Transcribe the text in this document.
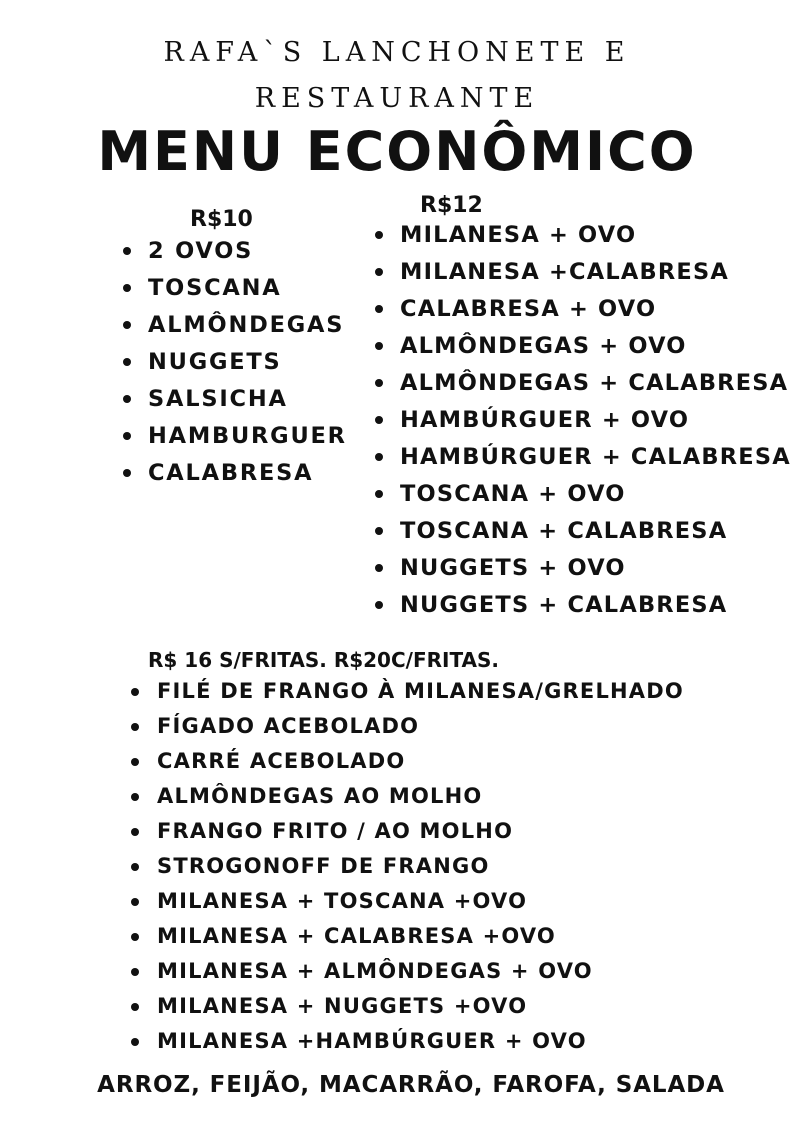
RAFA`S LANCHONETE E
RESTAURANTE
MENU ECONÔMICO
R$10
2 OVOS
TOSCANA
ALMÔNDEGAS
NUGGETS
SALSICHA
HAMBURGUER
CALABRESA
R$12
MILANESA + OVO
MILANESA +CALABRESA
CALABRESA + OVO
ALMÔNDEGAS + OVO
ALMÔNDEGAS + CALABRESA
HAMBÚRGUER + OVO
HAMBÚRGUER + CALABRESA
TOSCANA + OVO
TOSCANA + CALABRESA
NUGGETS + OVO
NUGGETS + CALABRESA
R$ 16 S/FRITAS. R$20C/FRITAS.
FILÉ DE FRANGO À MILANESA/GRELHADO
FÍGADO ACEBOLADO
CARRÉ ACEBOLADO
ALMÔNDEGAS AO MOLHO
FRANGO FRITO / AO MOLHO
STROGONOFF DE FRANGO
MILANESA + TOSCANA +OVO
MILANESA + CALABRESA +OVO
MILANESA + ALMÔNDEGAS + OVO
MILANESA + NUGGETS +OVO
MILANESA +HAMBÚRGUER + OVO
ARROZ, FEIJÃO, MACARRÃO, FAROFA, SALADA
